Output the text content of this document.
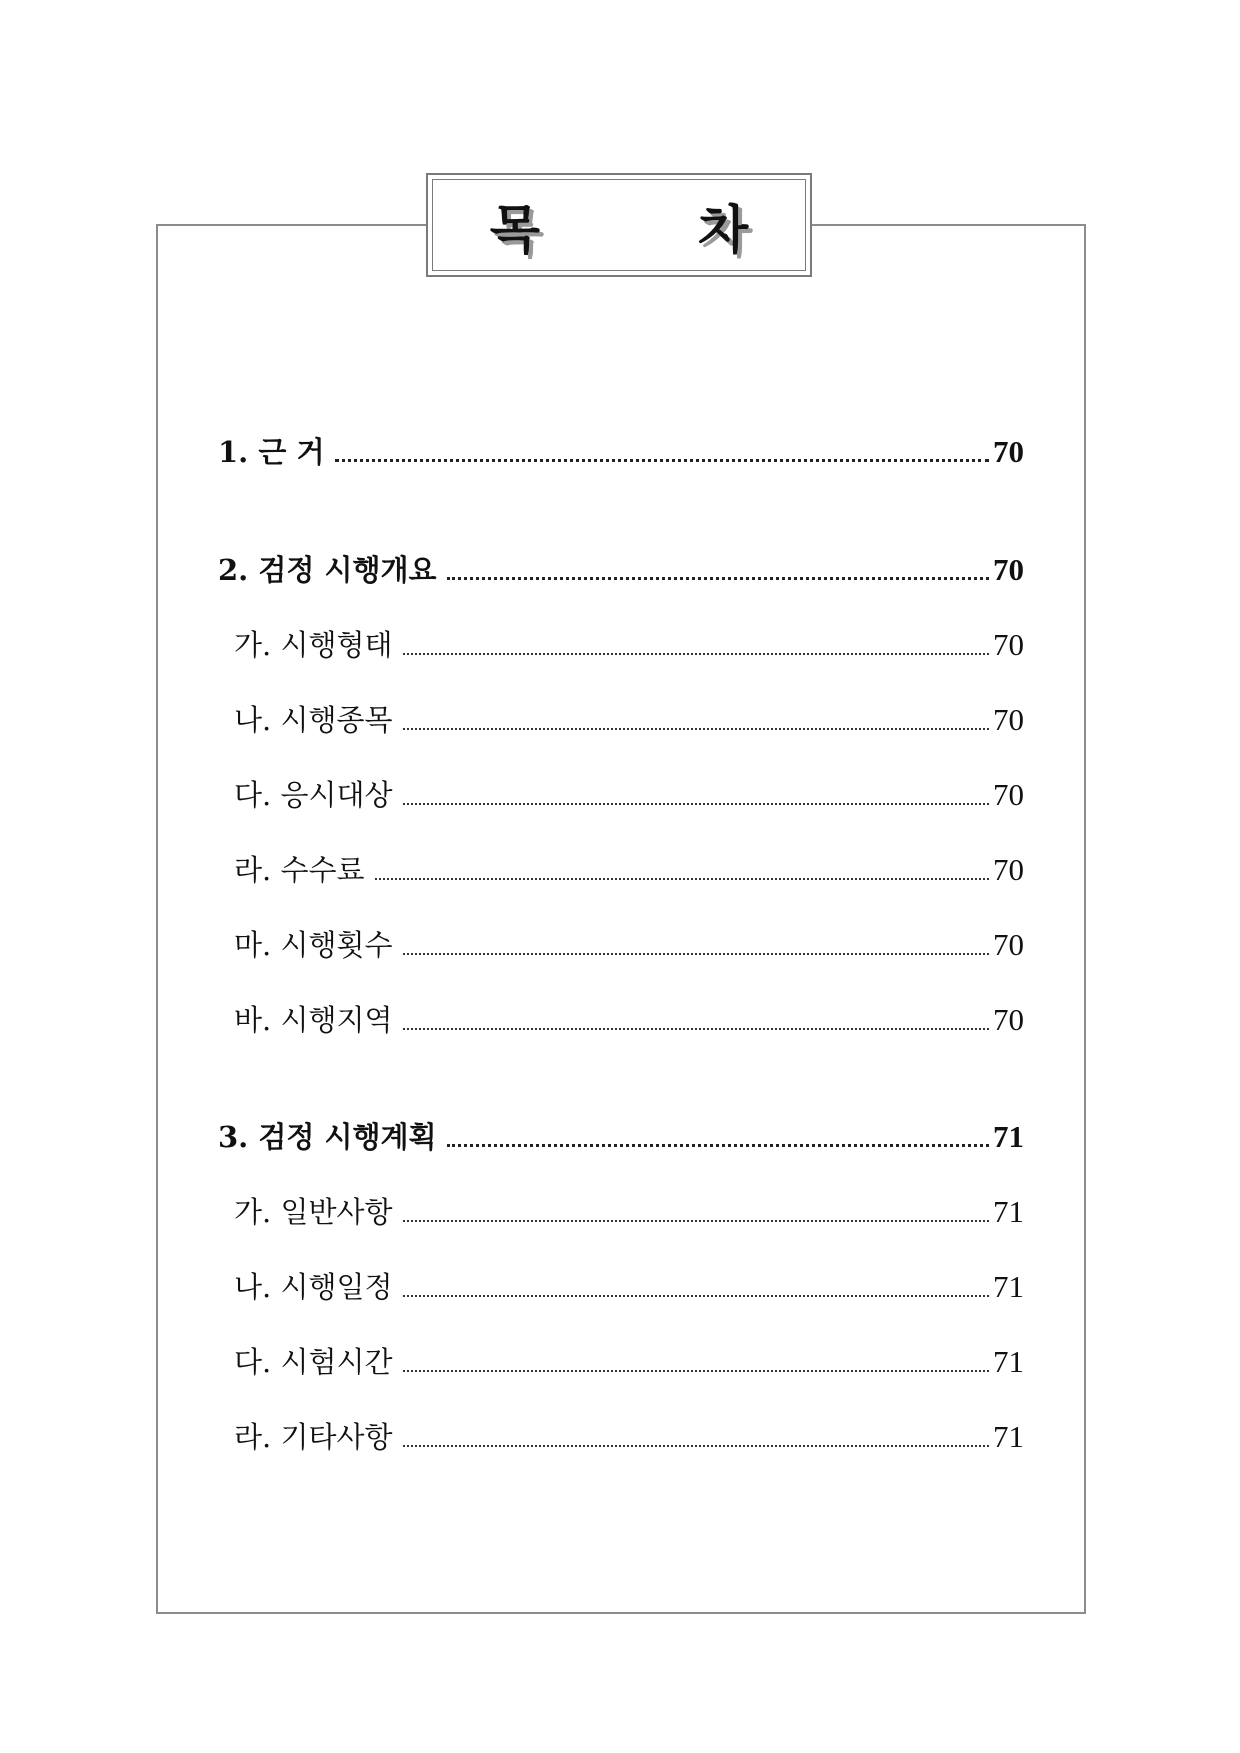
목 차
1. 근 거	70
2. 검정 시행개요	70
가. 시행형태	70
나. 시행종목	70
다. 응시대상	70
라. 수수료	70
마. 시행횟수	70
바. 시행지역	70
3. 검정 시행계획	71
가. 일반사항	71
나. 시행일정	71
다. 시험시간	71
라. 기타사항	71
